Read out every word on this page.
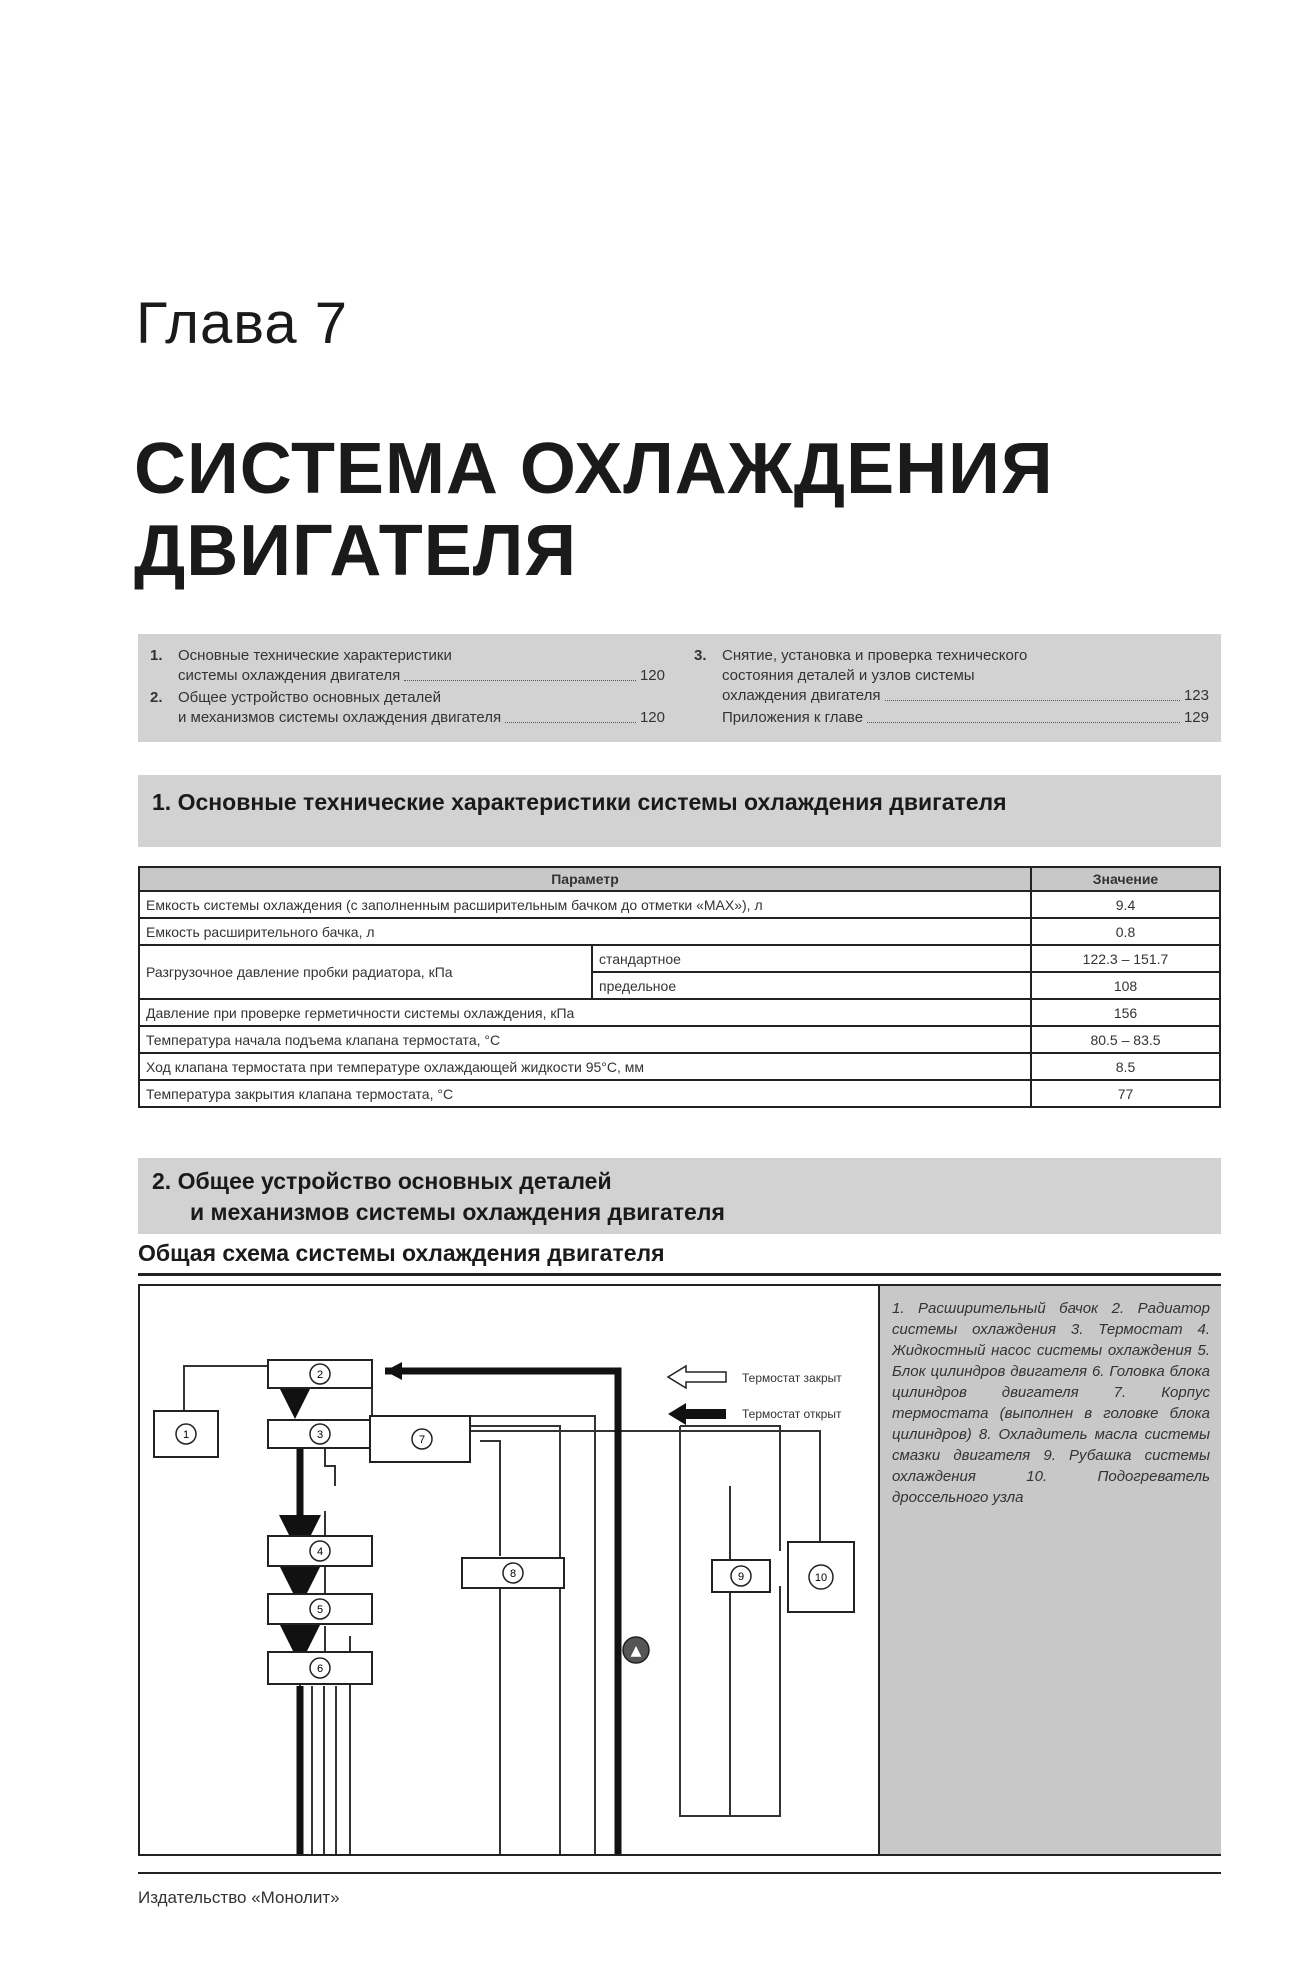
Глава 7
СИСТЕМА ОХЛАЖДЕНИЯ
ДВИГАТЕЛЯ
1.	Основные технические характеристики
системы охлаждения двигателя	120
2.	Общее устройство основных деталей
и механизмов системы охлаждения двигателя	120
3.	Снятие, установка и проверка технического
состояния деталей и узлов системы
охлаждения двигателя	123
Приложения к главе	129
1. Основные технические характеристики системы охлаждения двигателя
Параметр		Значение
Емкость системы охлаждения (с заполненным расширительным бачком до отметки «MAX»), л		9.4
Емкость расширительного бачка, л		0.8
Разгрузочное давление пробки радиатора, кПа	стандартное	122.3 – 151.7
	предельное	108
Давление при проверке герметичности системы охлаждения, кПа		156
Температура начала подъема клапана термостата, °C		80.5 – 83.5
Ход клапана термостата при температуре охлаждающей жидкости 95°C, мм		8.5
Температура закрытия клапана термостата, °C		77
2. Общее устройство основных деталей
и механизмов системы охлаждения двигателя
Общая схема системы охлаждения двигателя
1
2
3	7
4
5
6
8	9	10
▲
Термостат закрыт
Термостат открыт
1. Расширительный бачок 2. Радиатор системы охлаждения 3. Термостат 4. Жидкостный насос системы охлаждения 5. Блок цилиндров двигателя 6. Головка блока цилиндров двигателя 7. Корпус термостата (выполнен в головке блока цилиндров) 8. Охладитель масла системы смазки двигателя 9. Рубашка системы охлаждения 10. Подогреватель дроссельного узла
Издательство «Монолит»
